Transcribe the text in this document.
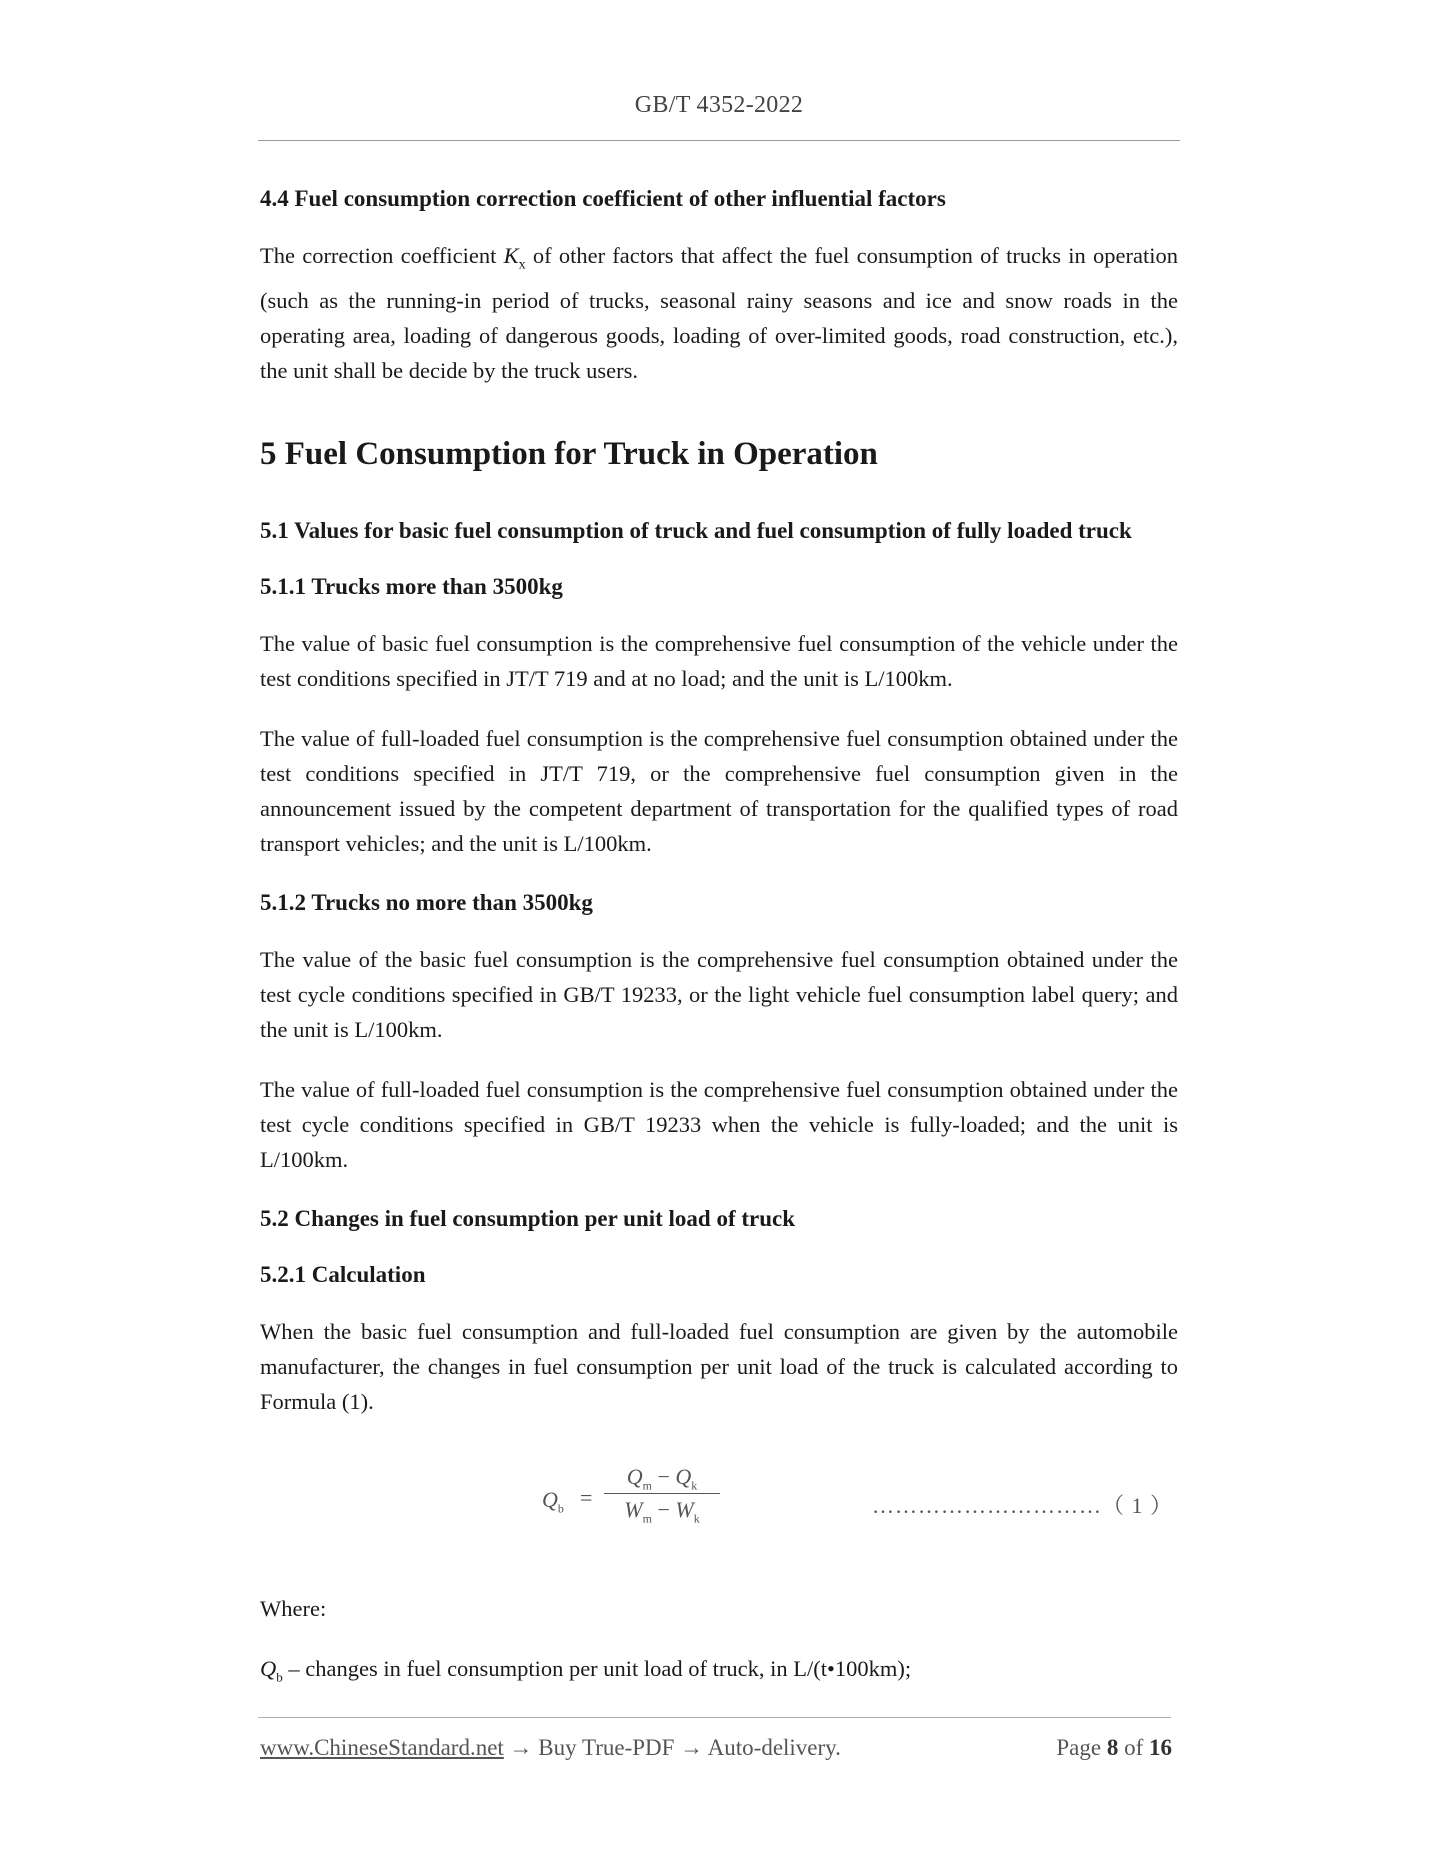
GB/T 4352-2022
4.4 Fuel consumption correction coefficient of other influential factors

The correction coefficient $K_x$ of other factors that affect the fuel consumption of trucks in operation (such as the running-in period of trucks, seasonal rainy seasons and ice and snow roads in the operating area, loading of dangerous goods, loading of over-limited goods, road construction, etc.), the unit shall be decide by the truck users.

5 Fuel Consumption for Truck in Operation
5.1 Values for basic fuel consumption of truck and fuel consumption of fully loaded truck
5.1.1 Trucks more than 3500kg

The value of basic fuel consumption is the comprehensive fuel consumption of the vehicle under the test conditions specified in JT/T 719 and at no load; and the unit is L/100km.

The value of full-loaded fuel consumption is the comprehensive fuel consumption obtained under the test conditions specified in JT/T 719, or the comprehensive fuel consumption given in the announcement issued by the competent department of transportation for the qualified types of road transport vehicles; and the unit is L/100km.

5.1.2 Trucks no more than 3500kg

The value of the basic fuel consumption is the comprehensive fuel consumption obtained under the test cycle conditions specified in GB/T 19233, or the light vehicle fuel consumption label query; and the unit is L/100km.

The value of full-loaded fuel consumption is the comprehensive fuel consumption obtained under the test cycle conditions specified in GB/T 19233 when the vehicle is fully-loaded; and the unit is L/100km.

5.2 Changes in fuel consumption per unit load of truck
5.2.1 Calculation

When the basic fuel consumption and full-loaded fuel consumption are given by the automobile manufacturer, the changes in fuel consumption per unit load of the truck is calculated according to Formula (1).

$Q_b$ =
$Q_m - Q_k$
$W_m - W_k$
…………………………（ 1 ）

Where:

$Q_b$ – changes in fuel consumption per unit load of truck, in L/(t•100km);

www.ChineseStandard.net → Buy True-PDF → Auto-delivery.	Page 8 of 16
